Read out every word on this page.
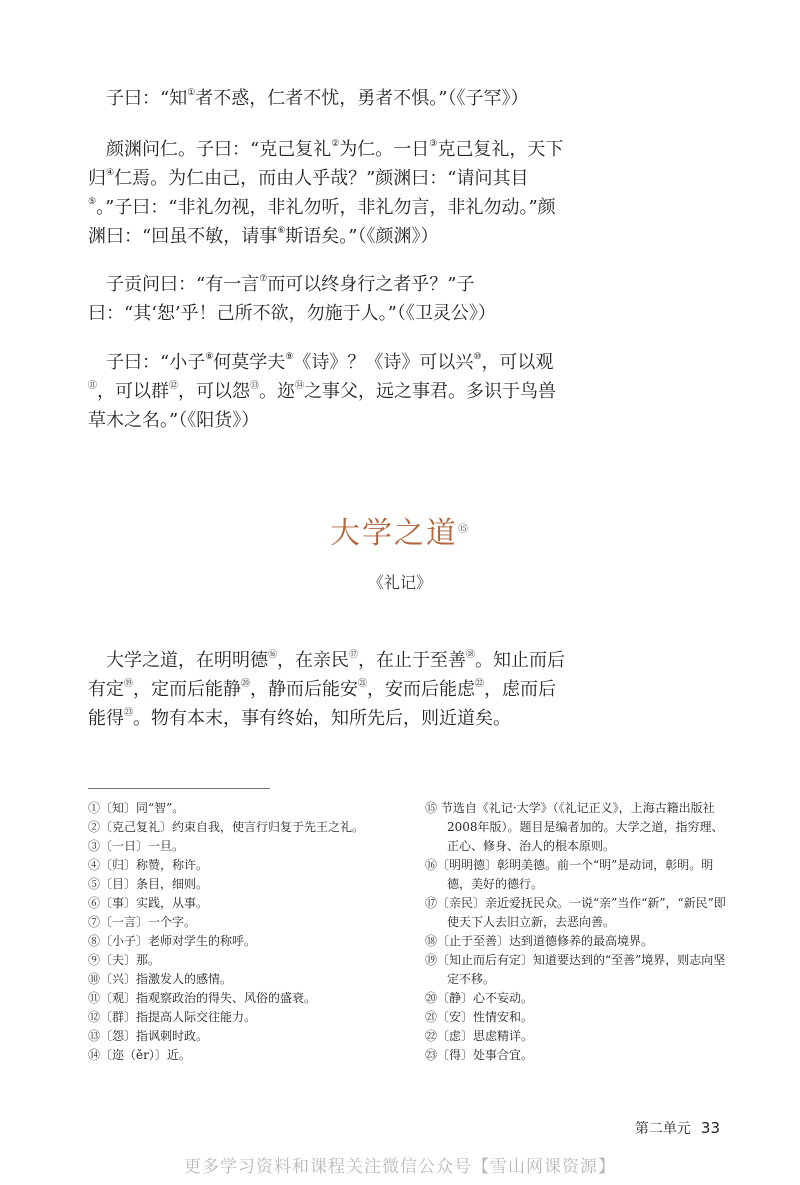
子曰：“知①者不惑，仁者不忧，勇者不惧。”（《子罕》）

颜渊问仁。子曰：“克己复礼②为仁。一日③克己复礼，天下归④仁焉。为仁由己，而由人乎哉？”颜渊曰：“请问其目⑤。”子曰：“非礼勿视，非礼勿听，非礼勿言，非礼勿动。”颜渊曰：“回虽不敏，请事⑥斯语矣。”（《颜渊》）

子贡问曰：“有一言⑦而可以终身行之者乎？”子曰：“其‘恕’乎！己所不欲，勿施于人。”（《卫灵公》）

子曰：“小子⑧何莫学夫⑨《诗》？《诗》可以兴⑩，可以观⑪，可以群⑫，可以怨⑬。迩⑭之事父，远之事君。多识于鸟兽草木之名。”（《阳货》）

大学之道⑮
《礼记》

大学之道，在明明德⑯，在亲民⑰，在止于至善⑱。知止而后有定⑲，定而后能静⑳，静而后能安$^㉑$，安而后能虑$^㉒$，虑而后能得$^㉓$。物有本末，事有终始，知所先后，则近道矣。

①〔知〕同“智”。
②〔克己复礼〕约束自我，使言行归复于先王之礼。
③〔一日〕一旦。
④〔归〕称赞，称许。
⑤〔目〕条目，细则。
⑥〔事〕实践，从事。
⑦〔一言〕一个字。
⑧〔小子〕老师对学生的称呼。
⑨〔夫〕那。
⑩〔兴〕指激发人的感情。
⑪〔观〕指观察政治的得失、风俗的盛衰。
⑫〔群〕指提高人际交往能力。
⑬〔怨〕指讽刺时政。
⑭〔迩（ěr）〕近。
⑮ 节选自《礼记·大学》（《礼记正义》，上海古籍出版社2008年版）。题目是编者加的。大学之道，指穷理、正心、修身、治人的根本原则。
⑯〔明明德〕彰明美德。前一个“明”是动词，彰明。明德，美好的德行。
⑰〔亲民〕亲近爱抚民众。一说“亲”当作“新”，“新民”即使天下人去旧立新，去恶向善。
⑱〔止于至善〕达到道德修养的最高境界。
⑲〔知止而后有定〕知道要达到的“至善”境界，则志向坚定不移。
⑳〔静〕心不妄动。
㉑〔安〕性情安和。
㉒〔虑〕思虑精详。
㉓〔得〕处事合宜。
第二单元 33
更多学习资料和课程关注微信公众号【雪山网课资源】
